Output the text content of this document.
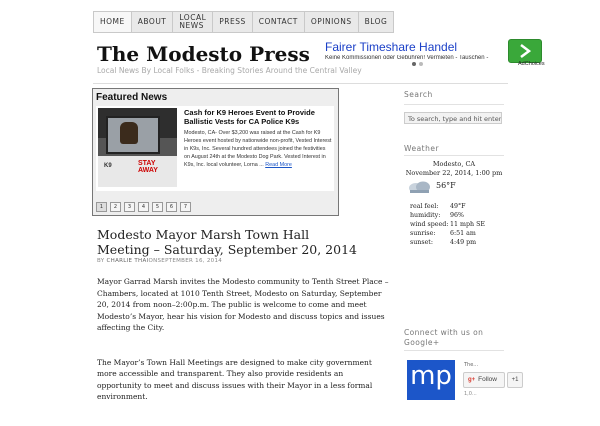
HOME	ABOUT	LOCAL
NEWS	PRESS	CONTACT	OPINIONS	BLOG
The Modesto Press
Local News By Local Folks - Breaking Stories Around the Central Valley
Fairer Timeshare Handel
Keine Kommissionen oder Gebühren! Vermieten - Tauschen -
AdChoices
Featured News
K9	STAY AWAY
Cash for K9 Heroes Event to Provide Ballistic Vests for CA Police K9s
Modesto, CA- Over $3,200 was raised at the Cash for K9 Heroes event hosted by nationwide non-profit, Vested Interest in K9s, Inc. Several hundred attendees joined the festivities on August 24th at the Modesto Dog Park. Vested Interest in K9s, Inc. local volunteer, Lorna ... Read More
1	2	3	4	5	6	7
Modesto Mayor Marsh Town Hall Meeting – Saturday, September 20, 2014
BY CHARLIE THAIONSEPTEMBER 16, 2014

Mayor Garrad Marsh invites the Modesto community to Tenth Street Place – Chambers, located at 1010 Tenth Street, Modesto on Saturday, September 20, 2014 from noon–2:00p.m. The public is welcome to come and meet Modesto’s Mayor, hear his vision for Modesto and discuss topics and issues affecting the City.

The Mayor’s Town Hall Meetings are designed to make city government more accessible and transparent. They also provide residents an opportunity to meet and discuss issues with their Mayor in a less formal environment.

Search
To search, type and hit enter
Weather
Modesto, CA
November 22, 2014, 1:00 pm
56°F
real feel: 49°F
humidity: 96%
wind speed: 11 mph SE
sunrise: 6:51 am
sunset:	4:49 pm
Connect with us on Google+
mp	The...
g+ Follow	+1
1,0...
